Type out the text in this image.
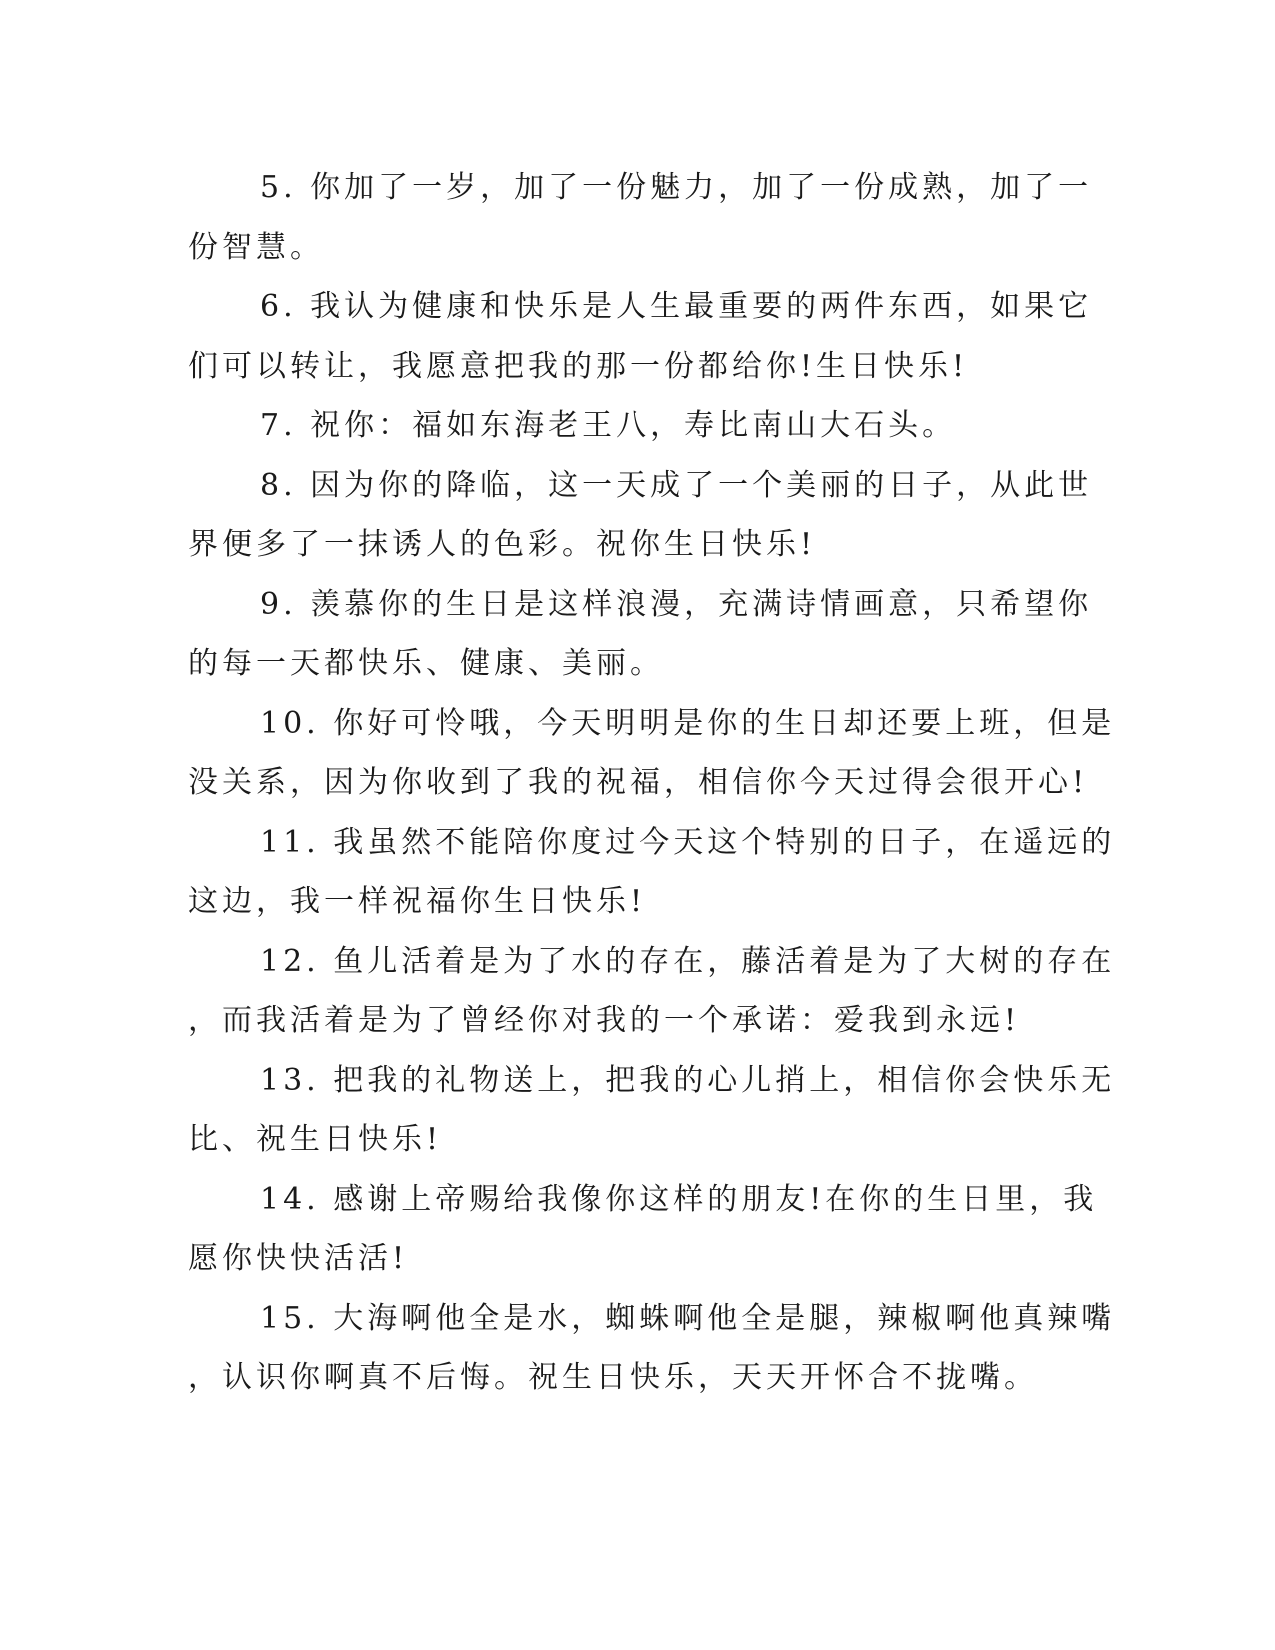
5. 你加了一岁，加了一份魅力，加了一份成熟，加了一
份智慧。
6. 我认为健康和快乐是人生最重要的两件东西，如果它
们可以转让，我愿意把我的那一份都给你!生日快乐!
7. 祝你：福如东海老王八，寿比南山大石头。
8. 因为你的降临，这一天成了一个美丽的日子，从此世
界便多了一抹诱人的色彩。祝你生日快乐!
9. 羡慕你的生日是这样浪漫，充满诗情画意，只希望你
的每一天都快乐、健康、美丽。
10. 你好可怜哦，今天明明是你的生日却还要上班，但是
没关系，因为你收到了我的祝福，相信你今天过得会很开心!
11. 我虽然不能陪你度过今天这个特别的日子，在遥远的
这边，我一样祝福你生日快乐!
12. 鱼儿活着是为了水的存在，藤活着是为了大树的存在
，而我活着是为了曾经你对我的一个承诺：爱我到永远!
13. 把我的礼物送上，把我的心儿捎上，相信你会快乐无
比、祝生日快乐!
14. 感谢上帝赐给我像你这样的朋友!在你的生日里，我
愿你快快活活!
15. 大海啊他全是水，蜘蛛啊他全是腿，辣椒啊他真辣嘴
，认识你啊真不后悔。祝生日快乐，天天开怀合不拢嘴。
